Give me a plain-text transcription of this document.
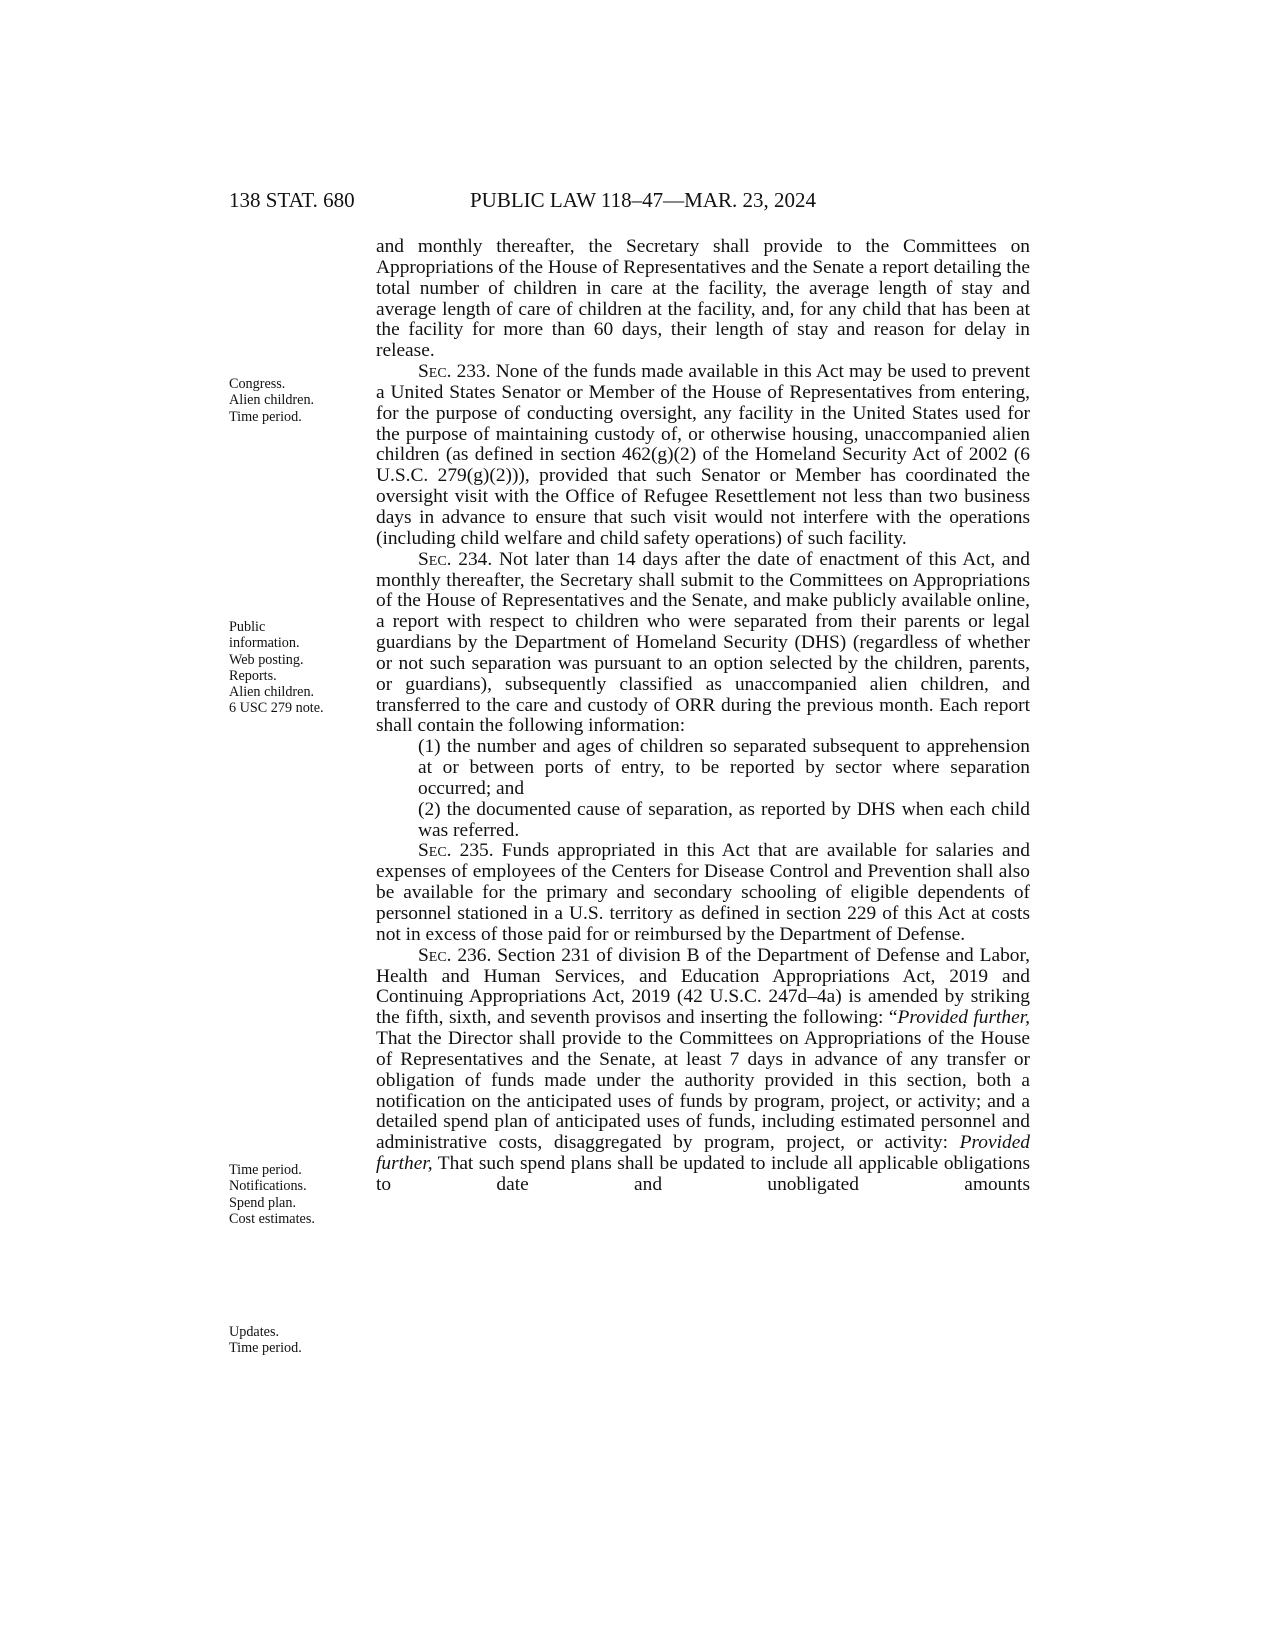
138 STAT. 680	PUBLIC LAW 118–47—MAR. 23, 2024
Congress.
Alien children.
Time period.
Public
information.
Web posting.
Reports.
Alien children.
6 USC 279 note.
Time period.
Notifications.
Spend plan.
Cost estimates.
Updates.
Time period.

and monthly thereafter, the Secretary shall provide to the Committees on Appropriations of the House of Representatives and the Senate a report detailing the total number of children in care at the facility, the average length of stay and average length of care of children at the facility, and, for any child that has been at the facility for more than 60 days, their length of stay and reason for delay in release.

Sec. 233. None of the funds made available in this Act may be used to prevent a United States Senator or Member of the House of Representatives from entering, for the purpose of conducting oversight, any facility in the United States used for the purpose of maintaining custody of, or otherwise housing, unaccompanied alien children (as defined in section 462(g)(2) of the Homeland Security Act of 2002 (6 U.S.C. 279(g)(2))), provided that such Senator or Member has coordinated the oversight visit with the Office of Refugee Resettlement not less than two business days in advance to ensure that such visit would not interfere with the operations (including child welfare and child safety operations) of such facility.

Sec. 234. Not later than 14 days after the date of enactment of this Act, and monthly thereafter, the Secretary shall submit to the Committees on Appropriations of the House of Representatives and the Senate, and make publicly available online, a report with respect to children who were separated from their parents or legal guardians by the Department of Homeland Security (DHS) (regardless of whether or not such separation was pursuant to an option selected by the children, parents, or guardians), subsequently classified as unaccompanied alien children, and transferred to the care and custody of ORR during the previous month. Each report shall contain the following information:

(1) the number and ages of children so separated subsequent to apprehension at or between ports of entry, to be reported by sector where separation occurred; and

(2) the documented cause of separation, as reported by DHS when each child was referred.

Sec. 235. Funds appropriated in this Act that are available for salaries and expenses of employees of the Centers for Disease Control and Prevention shall also be available for the primary and secondary schooling of eligible dependents of personnel stationed in a U.S. territory as defined in section 229 of this Act at costs not in excess of those paid for or reimbursed by the Department of Defense.

Sec. 236. Section 231 of division B of the Department of Defense and Labor, Health and Human Services, and Education Appropriations Act, 2019 and Continuing Appropriations Act, 2019 (42 U.S.C. 247d–4a) is amended by striking the fifth, sixth, and seventh provisos and inserting the following: “Provided further, That the Director shall provide to the Committees on Appropriations of the House of Representatives and the Senate, at least 7 days in advance of any transfer or obligation of funds made under the authority provided in this section, both a notification on the anticipated uses of funds by program, project, or activity; and a detailed spend plan of anticipated uses of funds, including estimated personnel and administrative costs, disaggregated by program, project, or activity: Provided further, That such spend plans shall be updated to include all applicable obligations to date and unobligated amounts
